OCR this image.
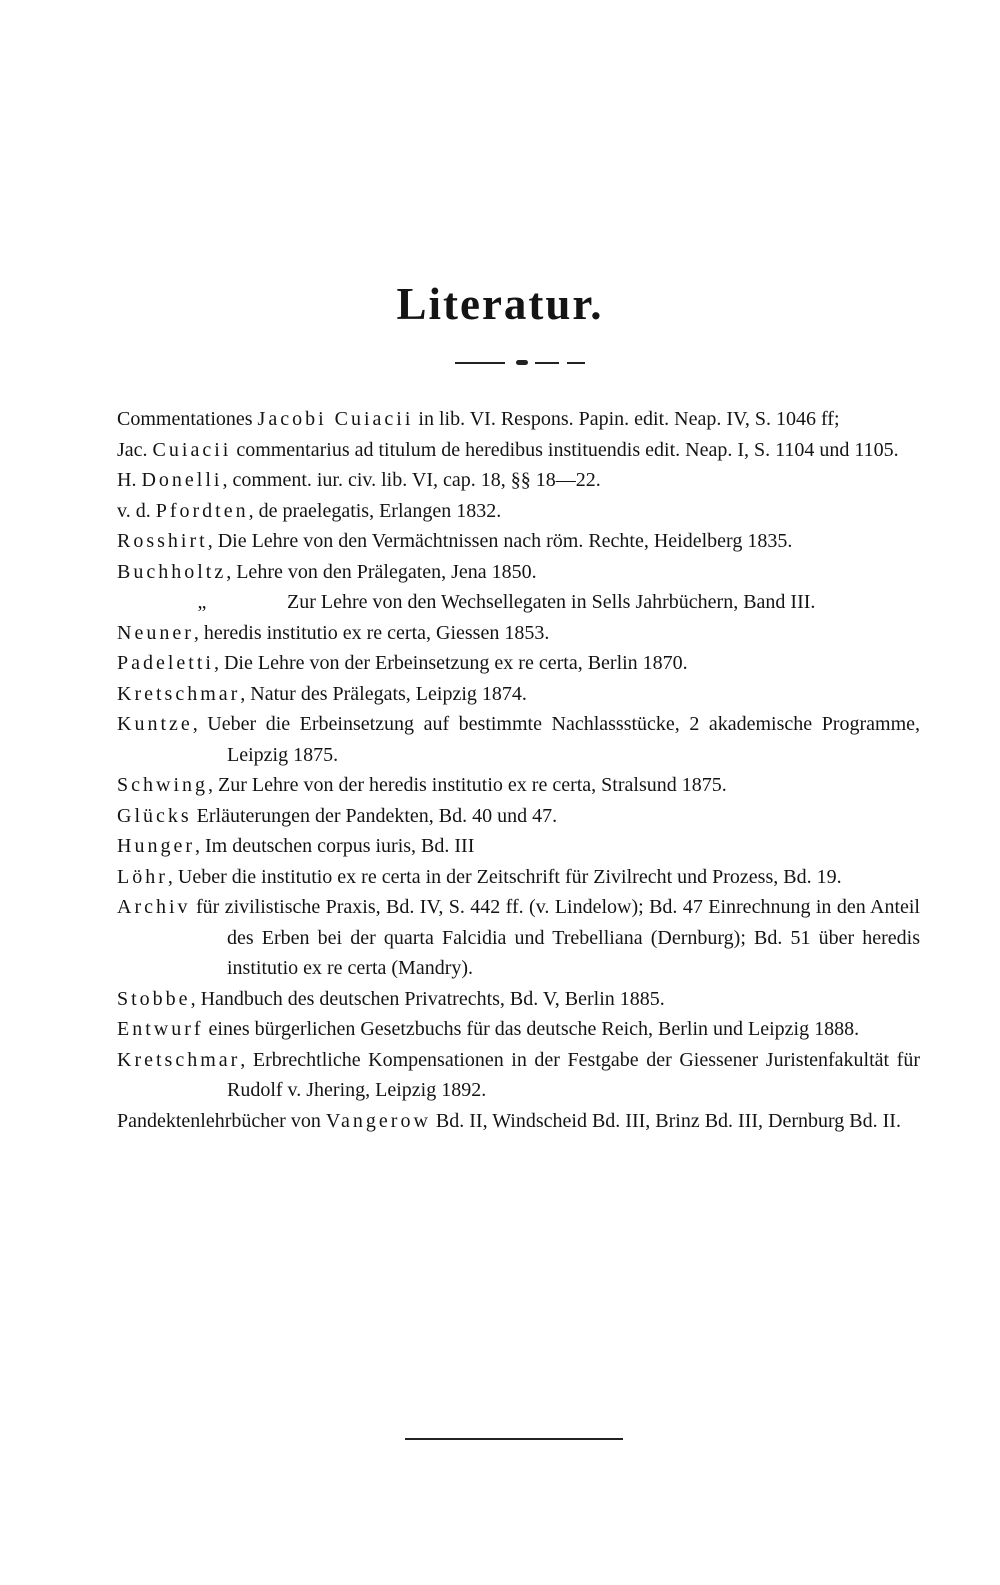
Literatur.
Commentationes Jacobi Cuiacii in lib. VI. Respons. Papin. edit. Neap. IV, S. 1046 ff;
Jac. Cuiacii commentarius ad titulum de heredibus instituendis edit. Neap. I, S. 1104 und 1105.
H. Donelli, comment. iur. civ. lib. VI, cap. 18, §§ 18—22.
v. d. Pfordten, de praelegatis, Erlangen 1832.
Rosshirt, Die Lehre von den Vermächtnissen nach röm. Rechte, Heidelberg 1835.
Buchholtz, Lehre von den Prälegaten, Jena 1850.
„	Zur Lehre von den Wechsellegaten in Sells Jahrbüchern, Band III.
Neuner, heredis institutio ex re certa, Giessen 1853.
Padeletti, Die Lehre von der Erbeinsetzung ex re certa, Berlin 1870.
Kretschmar, Natur des Prälegats, Leipzig 1874.
Kuntze, Ueber die Erbeinsetzung auf bestimmte Nachlassstücke, 2 akademische Programme, Leipzig 1875.
Schwing, Zur Lehre von der heredis institutio ex re certa, Stralsund 1875.
Glücks Erläuterungen der Pandekten, Bd. 40 und 47.
Hunger, Im deutschen corpus iuris, Bd. III
Löhr, Ueber die institutio ex re certa in der Zeitschrift für Zivilrecht und Prozess, Bd. 19.
Archiv für zivilistische Praxis, Bd. IV, S. 442 ff. (v. Lindelow); Bd. 47 Einrechnung in den Anteil des Erben bei der quarta Falcidia und Trebelliana (Dernburg); Bd. 51 über heredis institutio ex re certa (Mandry).
Stobbe, Handbuch des deutschen Privatrechts, Bd. V, Berlin 1885.
Entwurf eines bürgerlichen Gesetzbuchs für das deutsche Reich, Berlin und Leipzig 1888.
Kretschmar, Erbrechtliche Kompensationen in der Festgabe der Giessener Juristenfakultät für Rudolf v. Jhering, Leipzig 1892.
Pandektenlehrbücher von Vangerow Bd. II, Windscheid Bd. III, Brinz Bd. III, Dernburg Bd. II.
